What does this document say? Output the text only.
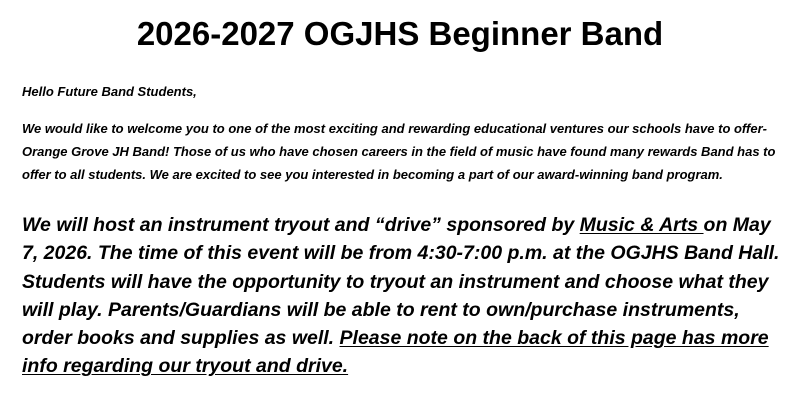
2026-2027 OGJHS Beginner Band

Hello Future Band Students,

We would like to welcome you to one of the most exciting and rewarding educational ventures our schools have to offer-Orange Grove JH Band! Those of us who have chosen careers in the field of music have found many rewards Band has to offer to all students. We are excited to see you interested in becoming a part of our award-winning band program.

We will host an instrument tryout and “drive” sponsored by Music & Arts on May 7, 2026. The time of this event will be from 4:30-7:00 p.m. at the OGJHS Band Hall. Students will have the opportunity to tryout an instrument and choose what they will play. Parents/Guardians will be able to rent to own/purchase instruments, order books and supplies as well. Please note on the back of this page has more info regarding our tryout and drive.
